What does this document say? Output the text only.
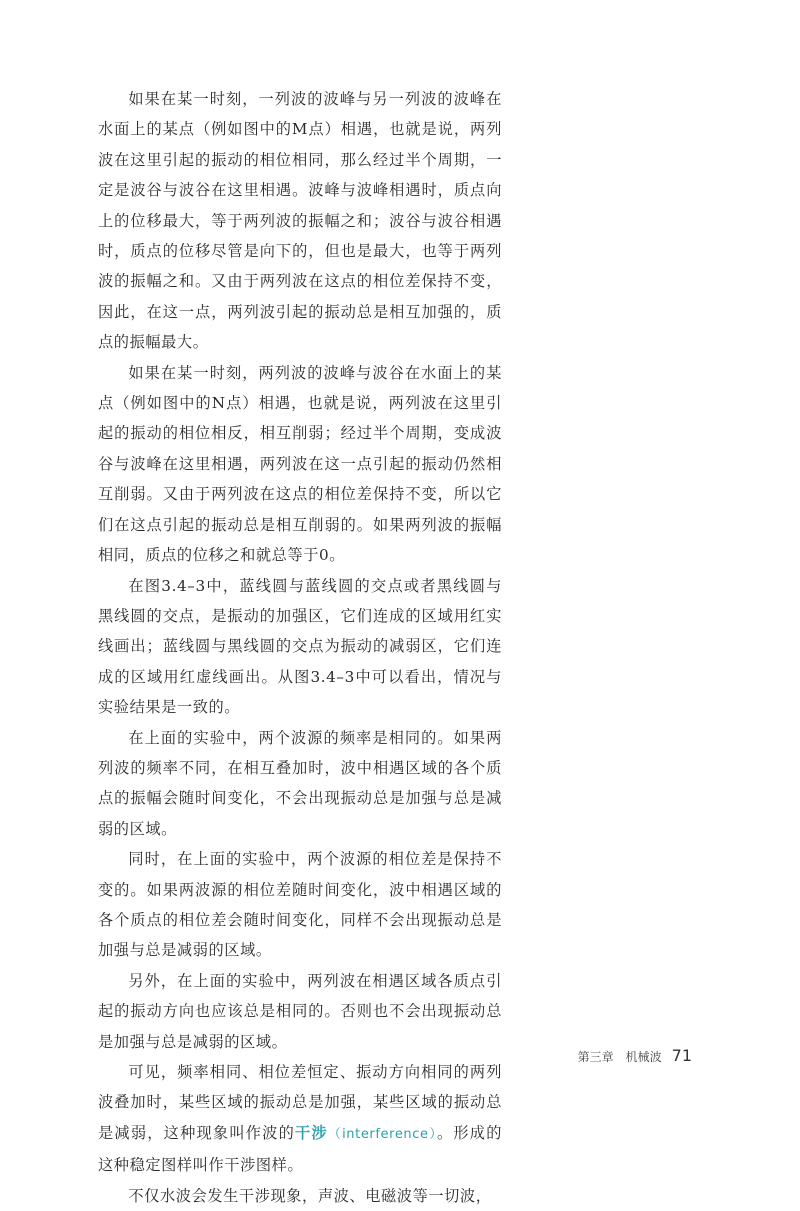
如果在某一时刻，一列波的波峰与另一列波的波峰在水面上的某点（例如图中的M点）相遇，也就是说，两列波在这里引起的振动的相位相同，那么经过半个周期，一定是波谷与波谷在这里相遇。波峰与波峰相遇时，质点向上的位移最大，等于两列波的振幅之和；波谷与波谷相遇时，质点的位移尽管是向下的，但也是最大，也等于两列波的振幅之和。又由于两列波在这点的相位差保持不变，因此，在这一点，两列波引起的振动总是相互加强的，质点的振幅最大。

如果在某一时刻，两列波的波峰与波谷在水面上的某点（例如图中的N点）相遇，也就是说，两列波在这里引起的振动的相位相反，相互削弱；经过半个周期，变成波谷与波峰在这里相遇，两列波在这一点引起的振动仍然相互削弱。又由于两列波在这点的相位差保持不变，所以它们在这点引起的振动总是相互削弱的。如果两列波的振幅相同，质点的位移之和就总等于0。

在图3.4–3中，蓝线圆与蓝线圆的交点或者黑线圆与黑线圆的交点，是振动的加强区，它们连成的区域用红实线画出；蓝线圆与黑线圆的交点为振动的减弱区，它们连成的区域用红虚线画出。从图3.4–3中可以看出，情况与实验结果是一致的。

在上面的实验中，两个波源的频率是相同的。如果两列波的频率不同，在相互叠加时，波中相遇区域的各个质点的振幅会随时间变化，不会出现振动总是加强与总是减弱的区域。

同时，在上面的实验中，两个波源的相位差是保持不变的。如果两波源的相位差随时间变化，波中相遇区域的各个质点的相位差会随时间变化，同样不会出现振动总是加强与总是减弱的区域。

另外，在上面的实验中，两列波在相遇区域各质点引起的振动方向也应该总是相同的。否则也不会出现振动总是加强与总是减弱的区域。

可见，频率相同、相位差恒定、振动方向相同的两列波叠加时，某些区域的振动总是加强，某些区域的振动总是减弱，这种现象叫作波的干涉（interference）。形成的这种稳定图样叫作干涉图样。

不仅水波会发生干涉现象，声波、电磁波等一切波，

第三章　机械波 71
